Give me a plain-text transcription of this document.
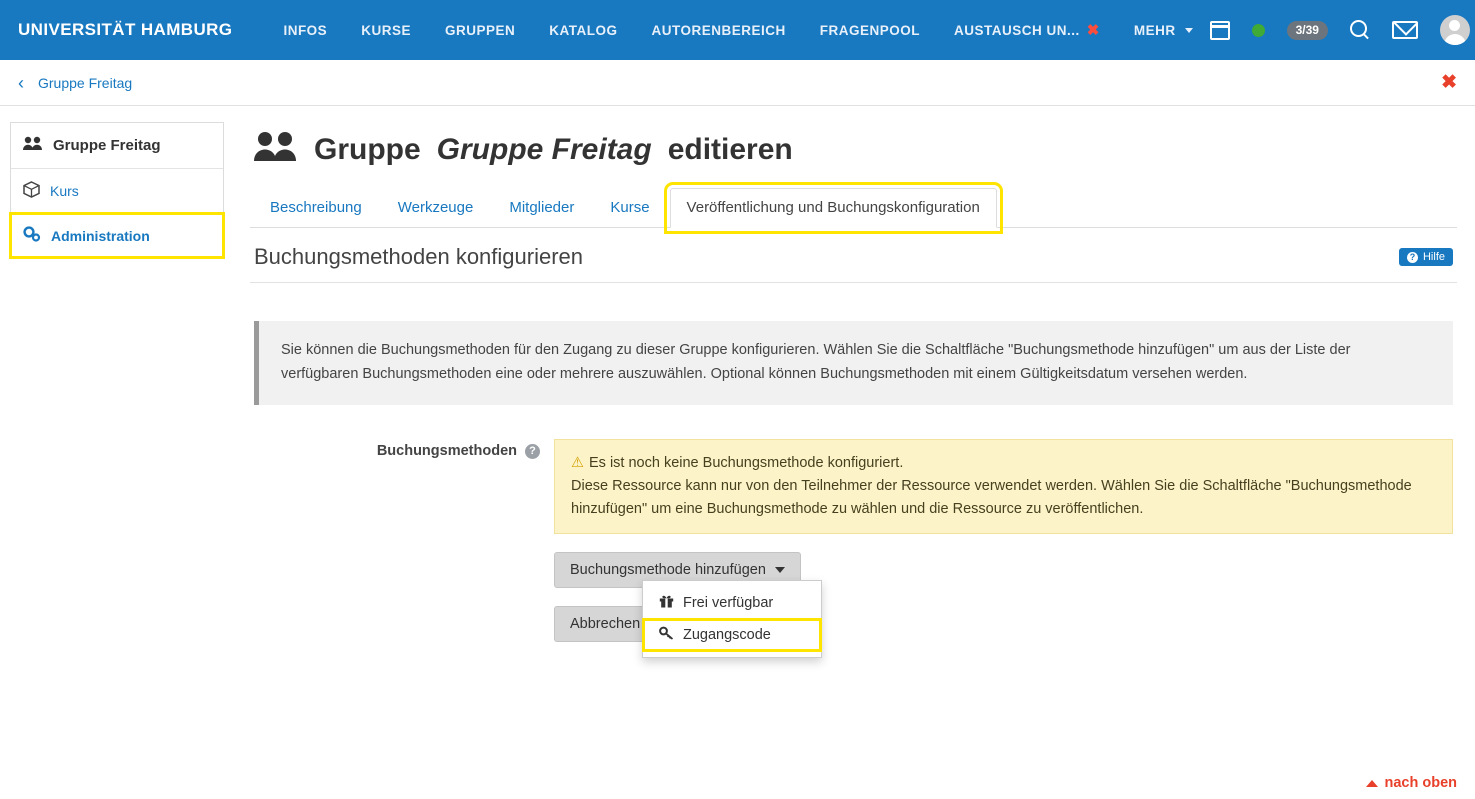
UNIVERSITÄT HAMBURG	INFOS	KURSE	GRUPPEN	KATALOG	AUTORENBEREICH	FRAGENPOOL	AUSTAUSCH UN... ✖	MEHR	3/39
‹ Gruppe Freitag	✖
Gruppe Freitag
Kurs
Administration
Gruppe Gruppe Freitag editieren
Beschreibung	Werkzeuge	Mitglieder	Kurse	Veröffentlichung und Buchungskonfiguration
Buchungsmethoden konfigurieren	? Hilfe
Sie können die Buchungsmethoden für den Zugang zu dieser Gruppe konfigurieren. Wählen Sie die Schaltfläche "Buchungsmethode hinzufügen" um aus der Liste der verfügbaren Buchungsmethoden eine oder mehrere auszuwählen. Optional können Buchungsmethoden mit einem Gültigkeitsdatum versehen werden.
Buchungsmethoden	?
⚠ Es ist noch keine Buchungsmethode konfiguriert.
Diese Ressource kann nur von den Teilnehmer der Ressource verwendet werden. Wählen Sie die Schaltfläche "Buchungsmethode hinzufügen" um eine Buchungsmethode zu wählen und die Ressource zu veröffentlichen.
Buchungsmethode hinzufügen
Frei verfügbar
Zugangscode
Abbrechen
nach oben
